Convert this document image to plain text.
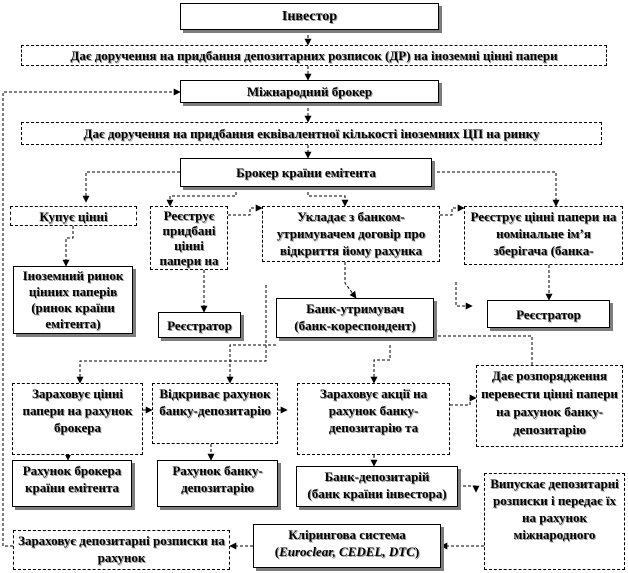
Інвестор
Дає доручення на придбання депозитарних розписок (ДР) на іноземні цінні папери
Міжнародний брокер
Дає доручення на придбання еквівалентної кількості іноземних ЦП на ринку
Брокер країни емітента
Купує цінні	Реєструє придбані цінні папери на
Укладає з банком-утримувачем договір про відкриття йому рахунка
Реєструє цінні папери на номінальне ім’я зберігача (банка-
Іноземний ринок цінних паперів (ринок країни емітента)	Реєстратор
Банк-утримувач
(банк-кореспондент)
Реєстратор
Зараховує цінні папери на рахунок брокера
Відкриває рахунок банку-депозитарію
Зараховує акції на рахунок банку-депозитарію та
Дає розпорядження перевести цінні папери на рахунок банку-депозитарію
Рахунок брокера країни емітента
Рахунок банку-депозитарію
Банк-депозитарій
(банк країни інвестора)
Випускає депозитарні розписки і передає їх на рахунок міжнародного
Кліринговa система
(Euroclear, CEDEL, DTC)
Зараховує депозитарні розписки на рахунок
